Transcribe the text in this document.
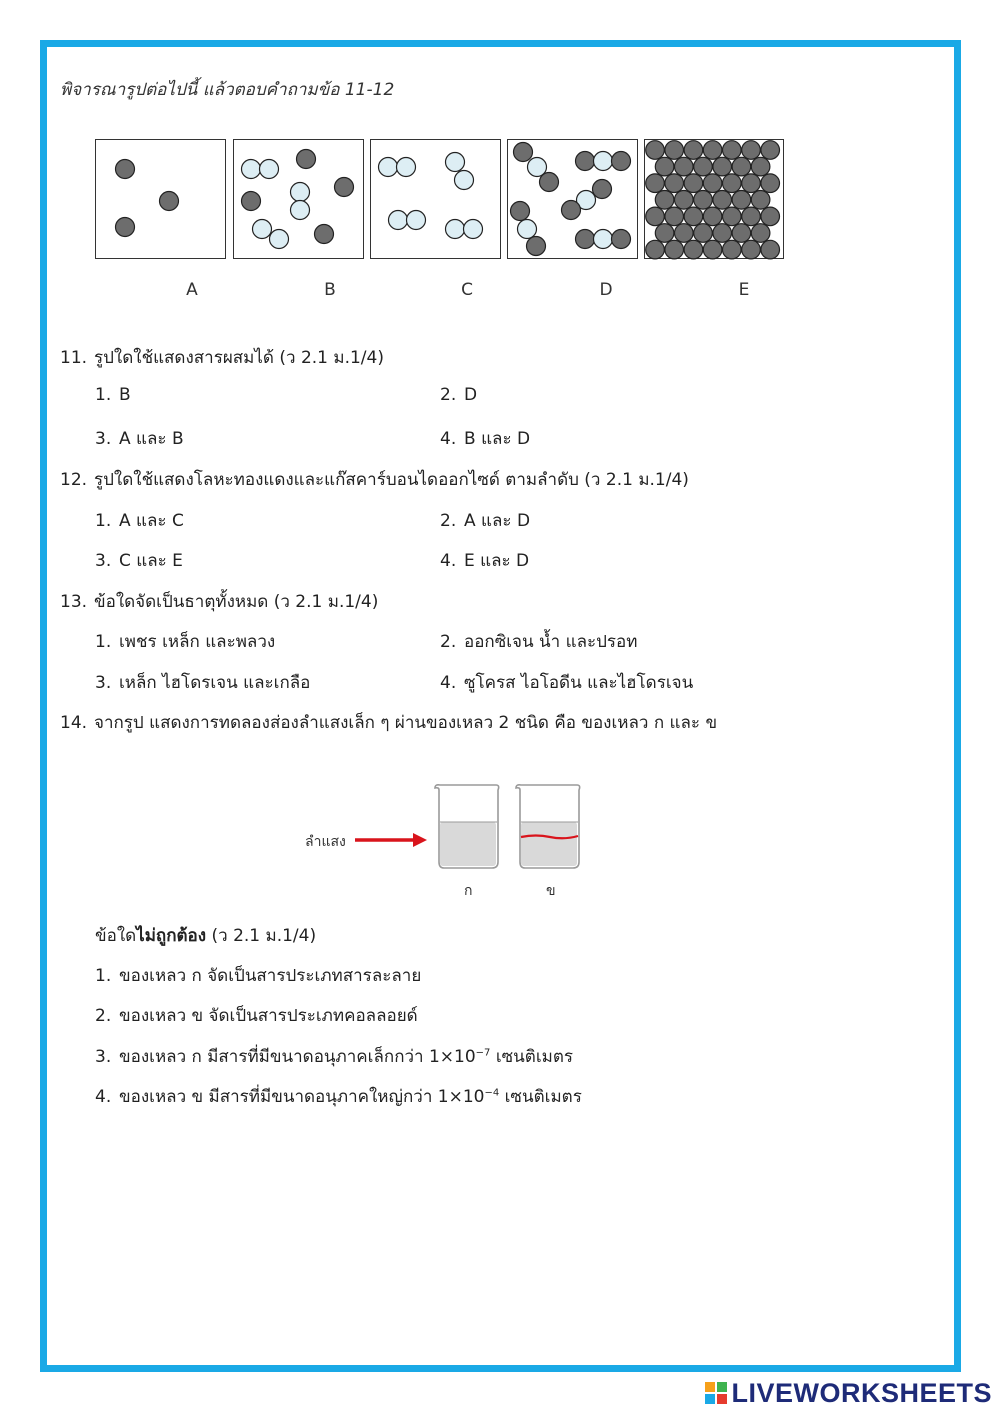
พิจารณารูปต่อไปนี้ แล้วตอบคำถามข้อ 11-12
A	B	C	D	E
11. รูปใดใช้แสดงสารผสมได้ (ว 2.1 ม.1/4)
1. B	2. D
3. A และ B	4. B และ D
12. รูปใดใช้แสดงโลหะทองแดงและแก๊สคาร์บอนไดออกไซด์ ตามลำดับ (ว 2.1 ม.1/4)
1. A และ C	2. A และ D
3. C และ E	4. E และ D
13. ข้อใดจัดเป็นธาตุทั้งหมด (ว 2.1 ม.1/4)
1. เพชร เหล็ก และพลวง	2. ออกซิเจน น้ำ และปรอท
3. เหล็ก ไฮโดรเจน และเกลือ	4. ซูโครส ไอโอดีน และไฮโดรเจน
14. จากรูป แสดงการทดลองส่องลำแสงเล็ก ๆ ผ่านของเหลว 2 ชนิด คือ ของเหลว ก และ ข
ลำแสง
ก	ข
ข้อใดไม่ถูกต้อง (ว 2.1 ม.1/4)
1. ของเหลว ก จัดเป็นสารประเภทสารละลาย
2. ของเหลว ข จัดเป็นสารประเภทคอลลอยด์
3. ของเหลว ก มีสารที่มีขนาดอนุภาคเล็กกว่า $1\times 10^{-7}$ เซนติเมตร
4. ของเหลว ข มีสารที่มีขนาดอนุภาคใหญ่กว่า $1\times 10^{-4}$ เซนติเมตร
LIVEWORKSHEETS
